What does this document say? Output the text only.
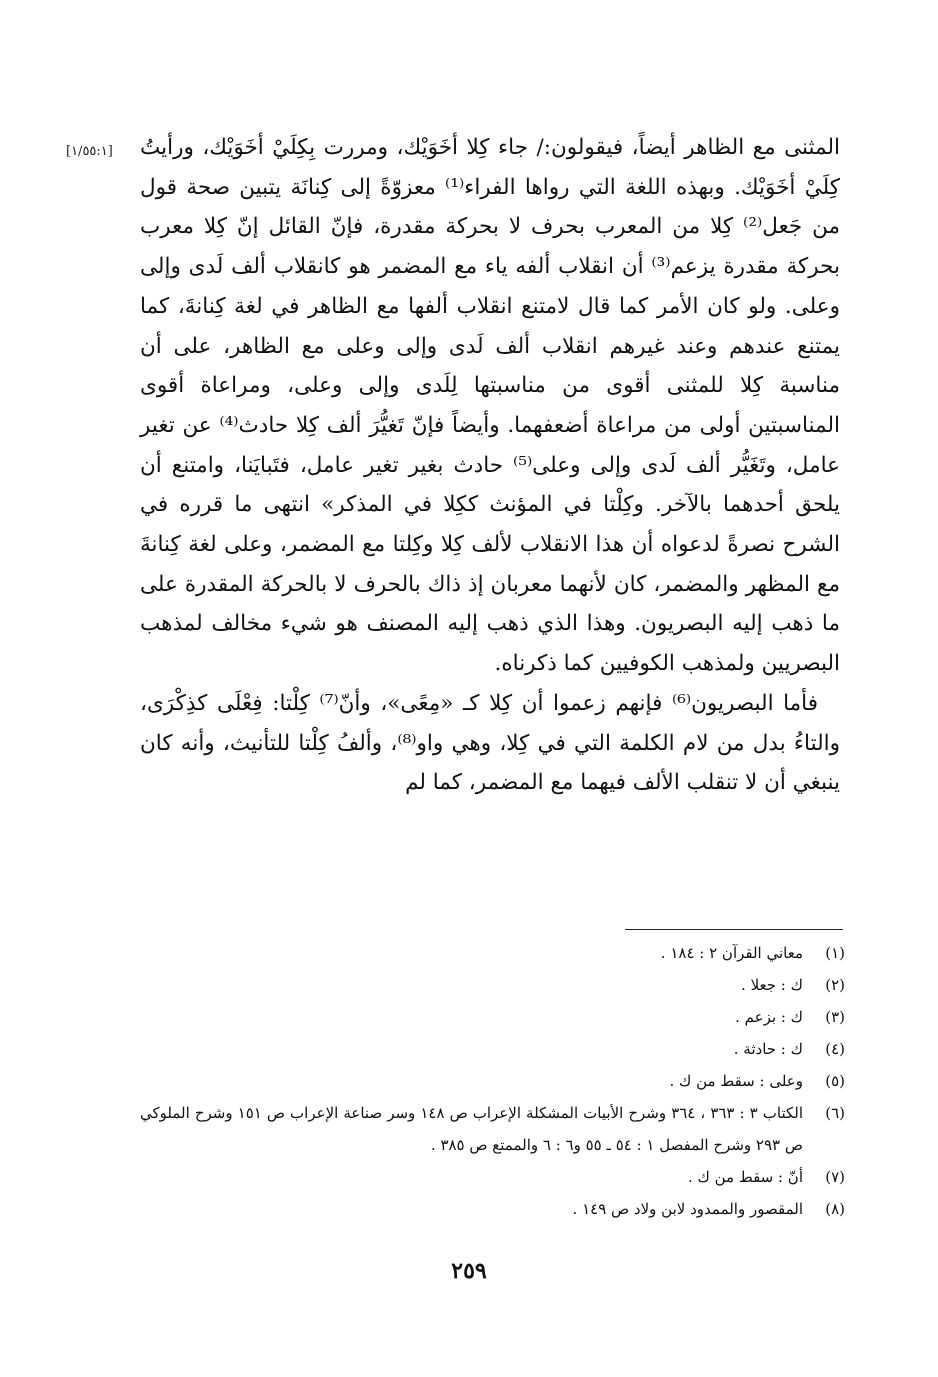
[١/٥٥:١]	المثنى مع الظاهر أيضاً، فيقولون:/ جاء كِلا أخَوَيْك، ومررت بِكِلَيْ أخَوَيْك، ورأيتُ كِلَيْ أخَوَيْك. وبهذه اللغة التي رواها الفراء⁽¹⁾ معزوّةً إلى كِنانَة يتبين صحة قول من جَعل⁽²⁾ كِلا من المعرب بحرف لا بحركة مقدرة، فإنّ القائل إنّ كِلا معرب بحركة مقدرة يزعم⁽³⁾ أن انقلاب ألفه ياء مع المضمر هو كانقلاب ألف لَدى وإلى وعلى. ولو كان الأمر كما قال لامتنع انقلاب ألفها مع الظاهر في لغة كِنانةَ، كما يمتنع عندهم وعند غيرهم انقلاب ألف لَدى وإلى وعلى مع الظاهر، على أن مناسبة كِلا للمثنى أقوى من مناسبتها لِلَدى وإلى وعلى، ومراعاة أقوى المناسبتين أولى من مراعاة أضعفهما. وأيضاً فإنّ تَغيُّرَ ألف كِلا حادث⁽⁴⁾ عن تغير عامل، وتَغَيُّر ألف لَدى وإلى وعلى⁽⁵⁾ حادث بغير تغير عامل، فتَبايَنا، وامتنع أن يلحق أحدهما بالآخر. وكِلْتا في المؤنث ككِلا في المذكر» انتهى ما قرره في الشرح نصرةً لدعواه أن هذا الانقلاب لألف كِلا وكِلتا مع المضمر، وعلى لغة كِنانةَ مع المظهر والمضمر، كان لأنهما معربان إذ ذاك بالحرف لا بالحركة المقدرة على ما ذهب إليه البصريون. وهذا الذي ذهب إليه المصنف هو شيء مخالف لمذهب البصريين ولمذهب الكوفيين كما ذكرناه.

فأما البصريون⁽⁶⁾ فإنهم زعموا أن كِلا كـ «مِعًى»، وأنّ⁽⁷⁾ كِلْتا: فِعْلَى كذِكْرَى، والتاءُ بدل من لام الكلمة التي في كِلا، وهي واو⁽⁸⁾، وألفُ كِلْتا للتأنيث، وأنه كان ينبغي أن لا تنقلب الألف فيهما مع المضمر، كما لم

(١)
معاني القرآن ٢ : ١٨٤ .
(٢)
ك : جعلا .
(٣)
ك : بزعم .
(٤)
ك : حادثة .
(٥)
وعلى : سقط من ك .
(٦)
الكتاب ٣ : ٣٦٣ ، ٣٦٤ وشرح الأبيات المشكلة الإعراب ص ١٤٨ وسر صناعة الإعراب ص ١٥١ وشرح الملوكي ص ٢٩٣ وشرح المفصل ١ : ٥٤ ـ ٥٥ و٦ : ٦ والممتع ص ٣٨٥ .
(٧)
أنّ : سقط من ك .
(٨)
المقصور والممدود لابن ولاد ص ١٤٩ .
٢٥٩
